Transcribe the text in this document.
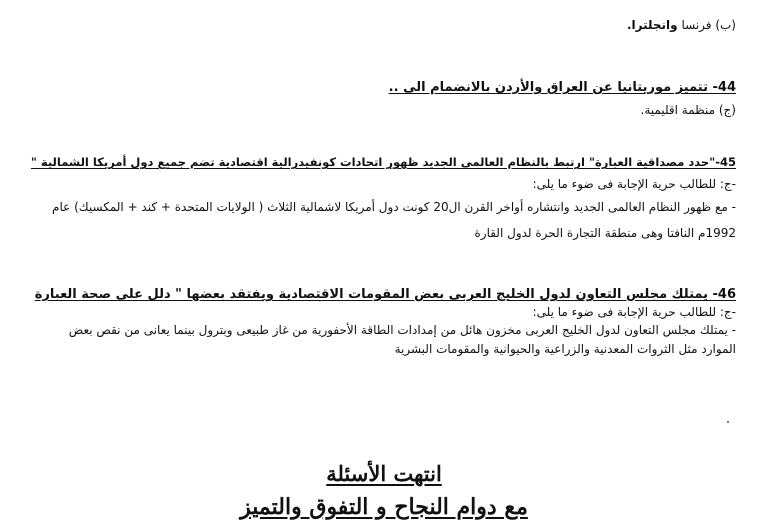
(ب) فرنسا وانجلترا.
44- تتميز موريتانيا عن العراق والأردن بالانضمام الى ..
(ج) منظمة اقليمية.
45-"حدد مصداقية العبارة" ارتبط بالنظام العالمى الجديد ظهور اتحادات كونفيدرالية اقتصادية تضم جميع دول أمريكا الشمالية "
-ج: للطالب حرية الإجابة فى ضوء ما يلى:
- مع ظهور النظام العالمى الجديد وانتشاره أواخر القرن ال20 كونت دول أمريكا لاشمالية الثلاث ( الولايات المتحدة + كند + المكسيك) عام
1992م النافتا وهى منطقة التجارة الحرة لدول القارة
46- يمتلك مجلس التعاون لدول الخليج العربى بعض المقومات الاقتصادية ويفتقد بعضها " دلل على صحة العبارة
-ج: للطالب حرية الإجابة فى ضوء ما يلى:
- يمتلك مجلس التعاون لدول الخليج العربى مخزون هائل من إمدادات الطاقة الأحفورية من غاز طبيعى وبترول بينما يعانى من نقص بعض
الموارد مثل الثروات المعدنية والزراعية والحيوانية والمقومات البشرية
انتهت الأسئلة
مع دوام النجاح و التفوق والتميز
